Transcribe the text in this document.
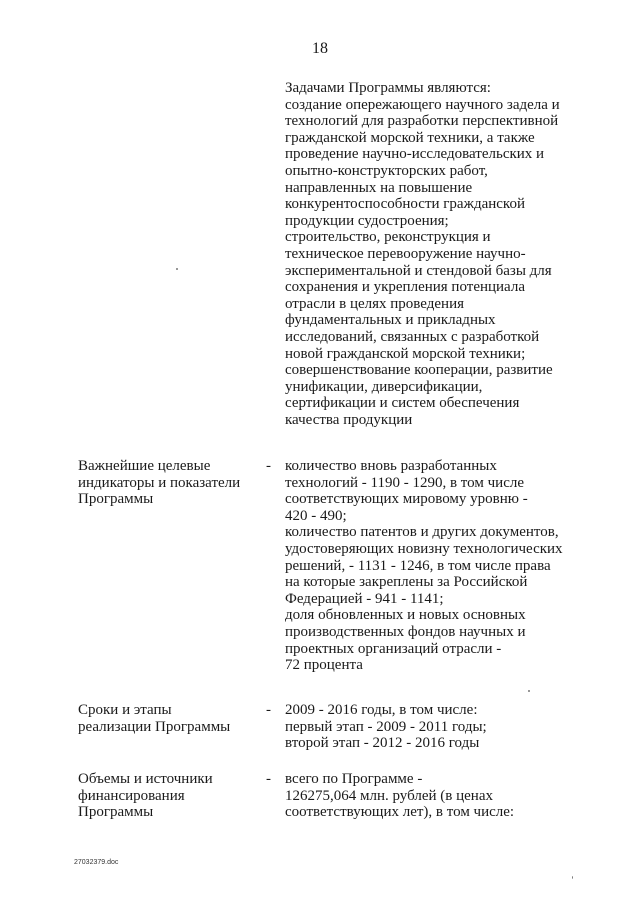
18
Задачами Программы являются:
создание опережающего научного задела и
технологий для разработки перспективной
гражданской морской техники, а также
проведение научно-исследовательских и
опытно-конструкторских работ,
направленных на повышение
конкурентоспособности гражданской
продукции судостроения;
строительство, реконструкция и
техническое перевооружение научно-
экспериментальной и стендовой базы для
сохранения и укрепления потенциала
отрасли в целях проведения
фундаментальных и прикладных
исследований, связанных с разработкой
новой гражданской морской техники;
совершенствование кооперации, развитие
унификации, диверсификации,
сертификации и систем обеспечения
качества продукции
Важнейшие целевые
индикаторы и показатели
Программы
- количество вновь разработанных
технологий - 1190 - 1290, в том числе
соответствующих мировому уровню -
420 - 490;
количество патентов и других документов,
удостоверяющих новизну технологических
решений, - 1131 - 1246, в том числе права
на которые закреплены за Российской
Федерацией - 941 - 1141;
доля обновленных и новых основных
производственных фондов научных и
проектных организаций отрасли -
72 процента
Сроки и этапы
реализации Программы
- 2009 - 2016 годы, в том числе:
первый этап - 2009 - 2011 годы;
второй этап - 2012 - 2016 годы
Объемы и источники
финансирования
Программы
- всего по Программе -
126275,064 млн. рублей (в ценах
соответствующих лет), в том числе:
27032379.doc
